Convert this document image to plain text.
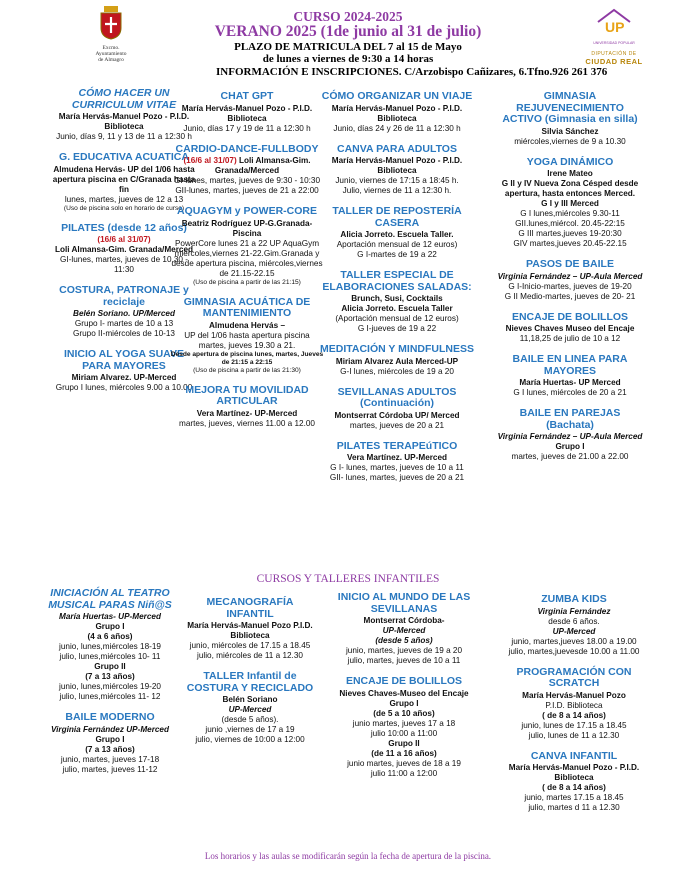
Excmo.
Ayuntamiento
de Almagro
UP
UNIVERSIDAD POPULAR
DIPUTACIÓN DE
CIUDAD REAL
CURSO 2024-2025
VERANO 2025 (1de junio al 31 de julio)
PLAZO DE MATRICULA DEL 7 al 15 de Mayo
de lunes a viernes de 9:30 a 14 horas
INFORMACIÓN E INSCRIPCIONES. C/Arzobispo Cañizares, 6.Tfno.926 261 376
CÓMO HACER UN CURRICULUM VITAE
María Hervás-Manuel Pozo - P.I.D. Biblioteca
Junio, días 9, 11 y 13 de 11 a 12:30 h
G. EDUCATIVA ACUATICA
Almudena Hervás- UP del 1/06 hasta apertura piscina en C/Granada hasta fin
lunes, martes, jueves de 12 a 13
(Uso de piscina solo en horario de curso)
PILATES (desde 12 años)
(16/6 al 31/07)
Loli Almansa-Gim. Granada/Merced
GI-lunes, martes, jueves de 10.30 - 11:30
COSTURA, PATRONAJE y reciclaje
Belén Soriano. UP/Merced
Grupo I- martes de 10 a 13
Grupo II-miércoles de 10-13
INICIO AL YOGA SUAVE PARA MAYORES
Miriam Alvarez. UP-Merced
Grupo I lunes, miércoles 9.00 a 10.00
CHAT GPT
María Hervás-Manuel Pozo - P.I.D. Biblioteca
Junio, días 17 y 19 de 11 a 12:30 h
CARDIO-DANCE-FULLBODY
(16/6 al 31/07) Loli Almansa-Gim. Granada/Merced
GI-lunes, martes, jueves de 9:30 - 10:30
GII-lunes, martes, jueves de 21 a 22:00
AQUAGYM y POWER-CORE
Beatriz Rodríguez UP-G.Granada- Piscina
PowerCore lunes 21 a 22 UP AquaGym miércoles,viernes 21-22.Gim.Granada y desde apertura piscina, miércoles,viernes de 21.15-22.15
(Uso de piscina a partir de las 21:15)
GIMNASIA ACUÁTICA DE MANTENIMIENTO
Almudena Hervás –
UP del 1/06 hasta apertura piscina martes, jueves 19.30 a 21.
Desde apertura de piscina lunes, martes, Jueves de 21:15 a 22:15
(Uso de piscina a partir de las 21:30)
MEJORA TU MOVILIDAD ARTICULAR
Vera Martínez- UP-Merced
martes, jueves, viernes 11.00 a 12.00
CÓMO ORGANIZAR UN VIAJE
María Hervás-Manuel Pozo - P.I.D. Biblioteca
Junio, días 24 y 26 de 11 a 12:30 h
CANVA PARA ADULTOS
María Hervás-Manuel Pozo - P.I.D. Biblioteca
Junio, viernes de 17:15 a 18:45 h.
Julio, viernes de 11 a 12:30 h.
TALLER DE REPOSTERÍA CASERA
Alicia Jorreto. Escuela Taller.
Aportación mensual de 12 euros)
G I-martes de 19 a 22
TALLER ESPECIAL DE ELABORACIONES SALADAS:
Brunch, Susi, Cocktails
Alicia Jorreto. Escuela Taller
(Aportación mensual de 12 euros)
G I-jueves de 19 a 22
MEDITACIÓN Y MINDFULNESS
Miriam Alvarez Aula Merced-UP
G-I lunes, miércoles de 19 a 20
SEVILLANAS ADULTOS (Continuación)
Montserrat Córdoba UP/ Merced
martes, jueves de 20 a 21
PILATES TERAPEúTICO
Vera Martínez. UP-Merced
G I- lunes, martes, jueves de 10 a 11
GII- lunes, martes, jueves de 20 a 21
GIMNASIA REJUVENECIMIENTO ACTIVO (Gimnasia en silla)
Silvia Sánchez
miércoles,viernes de 9 a 10.30
YOGA DINÁMICO
Irene Mateo
G II y IV Nueva Zona Césped desde apertura, hasta entonces Merced.
G I y III Merced
G I lunes,miércoles 9.30-11
GII.lunes,miércol. 20.45-22:15
G III martes,jueves 19-20:30
GIV martes,jueves 20.45-22.15
PASOS DE BAILE
Virginia Fernández – UP-Aula Merced
G I-Inicio-martes, jueves de 19-20
G II Medio-martes, jueves de 20- 21
ENCAJE DE BOLILLOS
Nieves Chaves Museo del Encaje
11,18,25 de julio de 10 a 12
BAILE EN LINEA PARA MAYORES
María Huertas- UP Merced
G I lunes, miércoles de 20 a 21
BAILE EN PAREJAS (Bachata)
Virginia Fernández – UP-Aula Merced
Grupo I
martes, jueves de 21.00 a 22.00
CURSOS Y TALLERES INFANTILES
INICIACIÓN AL TEATRO MUSICAL PARAS Niñ@S
María Huertas- UP-Merced
Grupo I
(4 a 6 años)
junio, lunes,miércoles 18-19
julio, lunes,miércoles 10- 11
Grupo II
(7 a 13 años)
junio, lunes,miércoles 19-20
julio, lunes,miércoles 11- 12
BAILE MODERNO
Virginia Fernández UP-Merced
Grupo I
(7 a 13 años)
junio, martes, jueves 17-18
julio, martes, jueves 11-12
MECANOGRAFÍA INFANTIL
María Hervás-Manuel Pozo P.I.D. Biblioteca
junio, miércoles de 17.15 a 18.45
julio, miércoles de 11 a 12.30
TALLER Infantil de COSTURA Y RECICLADO
Belén Soriano
UP-Merced
(desde 5 años).
junio ,viernes de 17 a 19
julio, viernes de 10:00 a 12:00
INICIO AL MUNDO DE LAS SEVILLANAS
Montserrat Córdoba-
UP-Merced
(desde 5 años)
junio, martes, jueves de 19 a 20
julio, martes, jueves de 10 a 11
ENCAJE DE BOLILLOS
Nieves Chaves-Museo del Encaje
Grupo I
(de 5 a 10 años)
junio martes, jueves 17 a 18
julio 10:00 a 11:00
Grupo II
(de 11 a 16 años)
junio martes, jueves de 18 a 19
julio 11:00 a 12:00
ZUMBA KIDS
Virginia Fernández
desde 6 años.
UP-Merced
junio, martes,jueves 18.00 a 19.00
julio, martes,juevesde 10.00 a 11.00
PROGRAMACIÓN CON SCRATCH
María Hervás-Manuel Pozo
P.I.D. Biblioteca
( de 8 a 14 años)
junio, lunes de 17.15 a 18.45
julio, lunes de 11 a 12.30
CANVA INFANTIL
María Hervás-Manuel Pozo - P.I.D. Biblioteca
( de 8 a 14 años)
junio, martes 17.15 a 18.45
julio, martes d 11 a 12.30
Los horarios y las aulas se modificarán según la fecha de apertura de la piscina.
